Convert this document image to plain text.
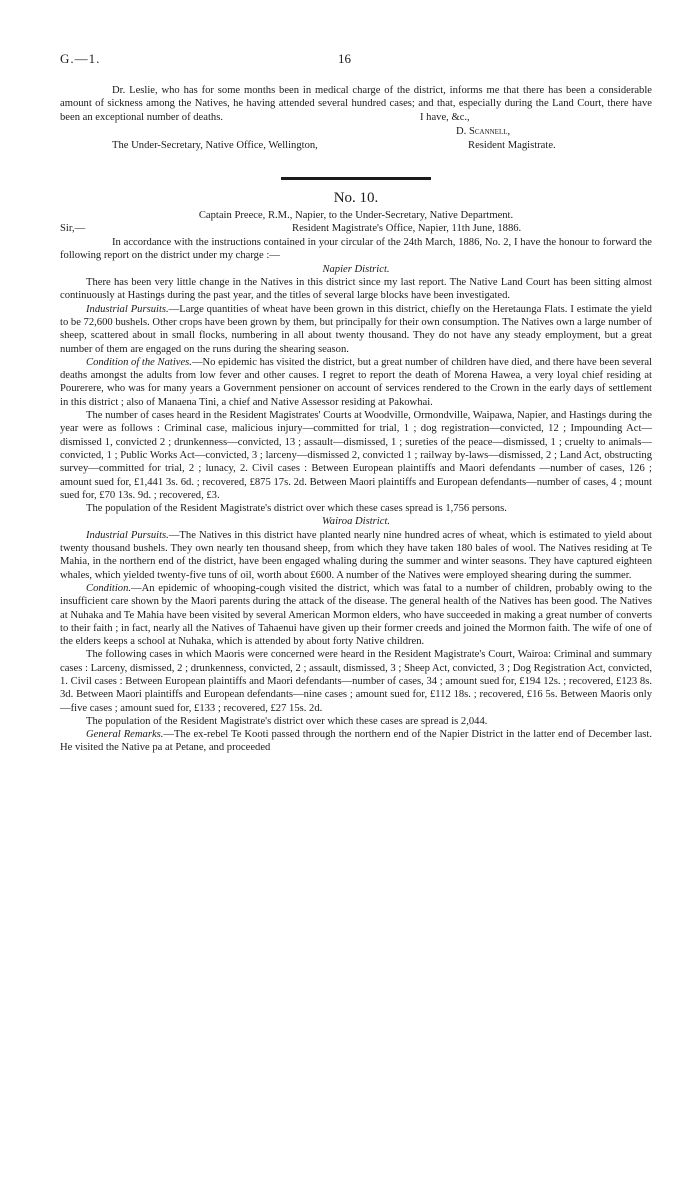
G.—1.	16

Dr. Leslie, who has for some months been in medical charge of the district, informs me that there has been a considerable amount of sickness among the Natives, he having attended several hundred cases; and that, especially during the Land Court, there have been an exceptional number of deaths.	I have, &c.,
D. Scannell,
The Under-Secretary, Native Office, Wellington,	Resident Magistrate.
No. 10.
Captain Preece, R.M., Napier, to the Under-Secretary, Native Department.
Sir,—	Resident Magistrate's Office, Napier, 11th June, 1886.

In accordance with the instructions contained in your circular of the 24th March, 1886, No. 2, I have the honour to forward the following report on the district under my charge :—

Napier District.

There has been very little change in the Natives in this district since my last report. The Native Land Court has been sitting almost continuously at Hastings during the past year, and the titles of several large blocks have been investigated.

Industrial Pursuits.—Large quantities of wheat have been grown in this district, chiefly on the Heretaunga Flats. I estimate the yield to be 72,600 bushels. Other crops have been grown by them, but principally for their own consumption. The Natives own a large number of sheep, scattered about in small flocks, numbering in all about twenty thousand. They do not have any steady employment, but a great number of them are engaged on the runs during the shearing season.

Condition of the Natives.—No epidemic has visited the district, but a great number of children have died, and there have been several deaths amongst the adults from low fever and other causes. I regret to report the death of Morena Hawea, a very loyal chief residing at Pourerere, who was for many years a Government pensioner on account of services rendered to the Crown in the early days of settlement in this district ; also of Manaena Tini, a chief and Native Assessor residing at Pakowhai.

The number of cases heard in the Resident Magistrates' Courts at Woodville, Ormondville, Waipawa, Napier, and Hastings during the year were as follows : Criminal case, malicious injury—committed for trial, 1 ; dog registration—convicted, 12 ; Impounding Act—dismissed 1, convicted 2 ; drunkenness—convicted, 13 ; assault—dismissed, 1 ; sureties of the peace—dismissed, 1 ; cruelty to animals—convicted, 1 ; Public Works Act—convicted, 3 ; larceny—dismissed 2, convicted 1 ; railway by-laws—dismissed, 2 ; Land Act, obstructing survey—committed for trial, 2 ; lunacy, 2. Civil cases : Between European plaintiffs and Maori defendants —number of cases, 126 ; amount sued for, £1,441 3s. 6d. ; recovered, £875 17s. 2d. Between Maori plaintiffs and European defendants—number of cases, 4 ; mount sued for, £70 13s. 9d. ; recovered, £3.

The population of the Resident Magistrate's district over which these cases spread is 1,756 persons.

Wairoa District.

Industrial Pursuits.—The Natives in this district have planted nearly nine hundred acres of wheat, which is estimated to yield about twenty thousand bushels. They own nearly ten thousand sheep, from which they have taken 180 bales of wool. The Natives residing at Te Mahia, in the northern end of the district, have been engaged whaling during the summer and winter seasons. They have captured eighteen whales, which yielded twenty-five tuns of oil, worth about £600. A number of the Natives were employed shearing during the summer.

Condition.—An epidemic of whooping-cough visited the district, which was fatal to a number of children, probably owing to the insufficient care shown by the Maori parents during the attack of the disease. The general health of the Natives has been good. The Natives at Nuhaka and Te Mahia have been visited by several American Mormon elders, who have succeeded in making a great number of converts to their faith ; in fact, nearly all the Natives of Tahaenui have given up their former creeds and joined the Mormon faith. The wife of one of the elders keeps a school at Nuhaka, which is attended by about forty Native children.

The following cases in which Maoris were concerned were heard in the Resident Magistrate's Court, Wairoa: Criminal and summary cases : Larceny, dismissed, 2 ; drunkenness, convicted, 2 ; assault, dismissed, 3 ; Sheep Act, convicted, 3 ; Dog Registration Act, convicted, 1. Civil cases : Between European plaintiffs and Maori defendants—number of cases, 34 ; amount sued for, £194 12s. ; recovered, £123 8s. 3d. Between Maori plaintiffs and European defendants—nine cases ; amount sued for, £112 18s. ; recovered, £16 5s. Between Maoris only—five cases ; amount sued for, £133 ; recovered, £27 15s. 2d.

The population of the Resident Magistrate's district over which these cases are spread is 2,044.

General Remarks.—The ex-rebel Te Kooti passed through the northern end of the Napier District in the latter end of December last. He visited the Native pa at Petane, and proceeded
